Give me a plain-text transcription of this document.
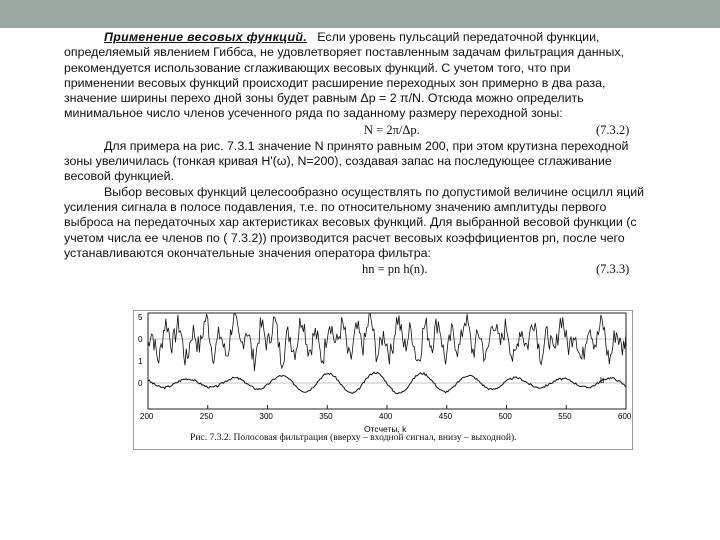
Применение весовых функций. Если уровень пульсаций передаточной функции,
определяемый явлением Гиббса, не удовлетворяет поставленным задачам фильтрация данных,
рекомендуется использование сглаживающих весовых функций. С учетом того, что при
применении весовых функций происходит расширение переходных зон примерно в два раза,
значение ширины перехо дной зоны будет равным Δp = 2 π/N. Отсюда можно определить
минимальное число членов усеченного ряда по заданному размеру переходной зоны:
N = 2π/Δp.	(7.3.2)
Для примера на рис. 7.3.1 значение N принято равным 200, при этом крутизна переходной
зоны увеличилась (тонкая кривая H'(ω), N=200), создавая запас на последующее сглаживание
весовой функцией.
Выбор весовых функций целесообразно осуществлять по допустимой величине осцилл яций
усиления сигнала в полосе подавления, т.е. по относительному значению амплитуды первого
выброса на передаточных хар актеристиках весовых функций. Для выбранной весовой функции (с
учетом числа ее членов по ( 7.3.2)) производится расчет весовых коэффициентов pn, после чего
устанавливаются окончательные значения оператора фильтра:
hn = pn h(n).	(7.3.3)
5
0
1
0	b
200	250	300	350	400	450	500	550	600
Отсчеты, k
Рис. 7.3.2. Полосовая фильтрация (вверху – входной сигнал, внизу – выходной).
